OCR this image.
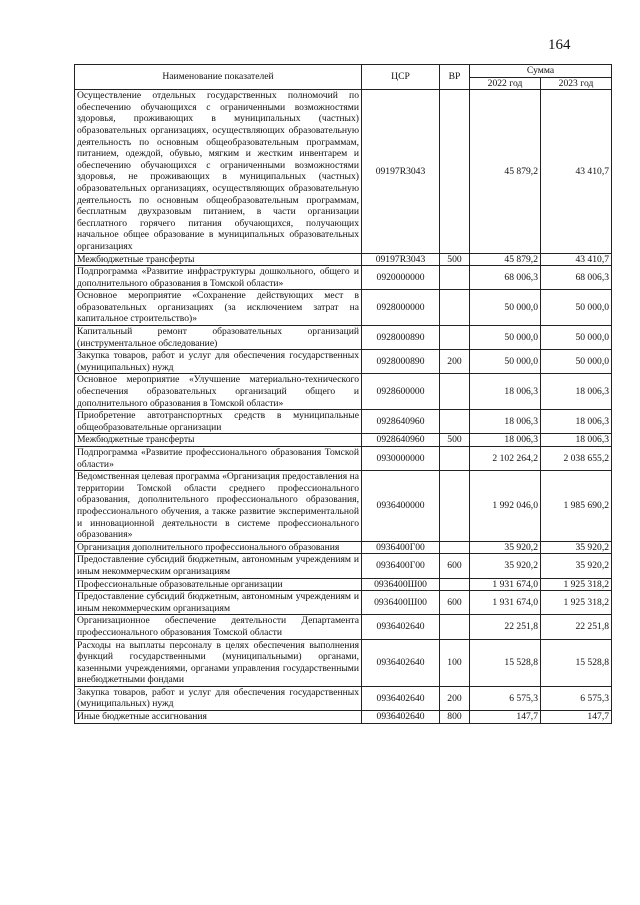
164
Наименование показателей	ЦСР	ВР	Сумма	
			2022 год	2023 год
Осуществление отдельных государственных полномочий по обеспечению обучающихся с ограниченными возможностями здоровья, проживающих в муниципальных (частных) образовательных организациях, осуществляющих образовательную деятельность по основным общеобразовательным программам, питанием, одеждой, обувью, мягким и жестким инвентарем и обеспечению обучающихся с ограниченными возможностями здоровья, не проживающих в муниципальных (частных) образовательных организациях, осуществляющих образовательную деятельность по основным общеобразовательным программам, бесплатным двухразовым питанием, в части организации бесплатного горячего питания обучающихся, получающих начальное общее образование в муниципальных образовательных организациях	09197R3043		45 879,2	43 410,7
Межбюджетные трансферты	09197R3043	500	45 879,2	43 410,7
Подпрограмма «Развитие инфраструктуры дошкольного, общего и дополнительного образования в Томской области»	0920000000		68 006,3	68 006,3
Основное мероприятие «Сохранение действующих мест в образовательных организациях (за исключением затрат на капитальное строительство)»	0928000000		50 000,0	50 000,0
Капитальный ремонт образовательных организаций (инструментальное обследование)	0928000890		50 000,0	50 000,0
Закупка товаров, работ и услуг для обеспечения государственных (муниципальных) нужд	0928000890	200	50 000,0	50 000,0
Основное мероприятие «Улучшение материально-технического обеспечения образовательных организаций общего и дополнительного образования в Томской области»	0928600000		18 006,3	18 006,3
Приобретение автотранспортных средств в муниципальные общеобразовательные организации	0928640960		18 006,3	18 006,3
Межбюджетные трансферты	0928640960	500	18 006,3	18 006,3
Подпрограмма «Развитие профессионального образования Томской области»	0930000000		2 102 264,2	2 038 655,2
Ведомственная целевая программа «Организация предоставления на территории Томской области среднего профессионального образования, дополнительного профессионального образования, профессионального обучения, а также развитие экспериментальной и инновационной деятельности в системе профессионального образования»	0936400000		1 992 046,0	1 985 690,2
Организация дополнительного профессионального образования	0936400Г00		35 920,2	35 920,2
Предоставление субсидий бюджетным, автономным учреждениям и иным некоммерческим организациям	0936400Г00	600	35 920,2	35 920,2
Профессиональные образовательные организации	0936400Ш00		1 931 674,0	1 925 318,2
Предоставление субсидий бюджетным, автономным учреждениям и иным некоммерческим организациям	0936400Ш00	600	1 931 674,0	1 925 318,2
Организационное обеспечение деятельности Департамента профессионального образования Томской области	0936402640		22 251,8	22 251,8
Расходы на выплаты персоналу в целях обеспечения выполнения функций государственными (муниципальными) органами, казенными учреждениями, органами управления государственными внебюджетными фондами	0936402640	100	15 528,8	15 528,8
Закупка товаров, работ и услуг для обеспечения государственных (муниципальных) нужд	0936402640	200	6 575,3	6 575,3
Иные бюджетные ассигнования	0936402640	800	147,7	147,7
